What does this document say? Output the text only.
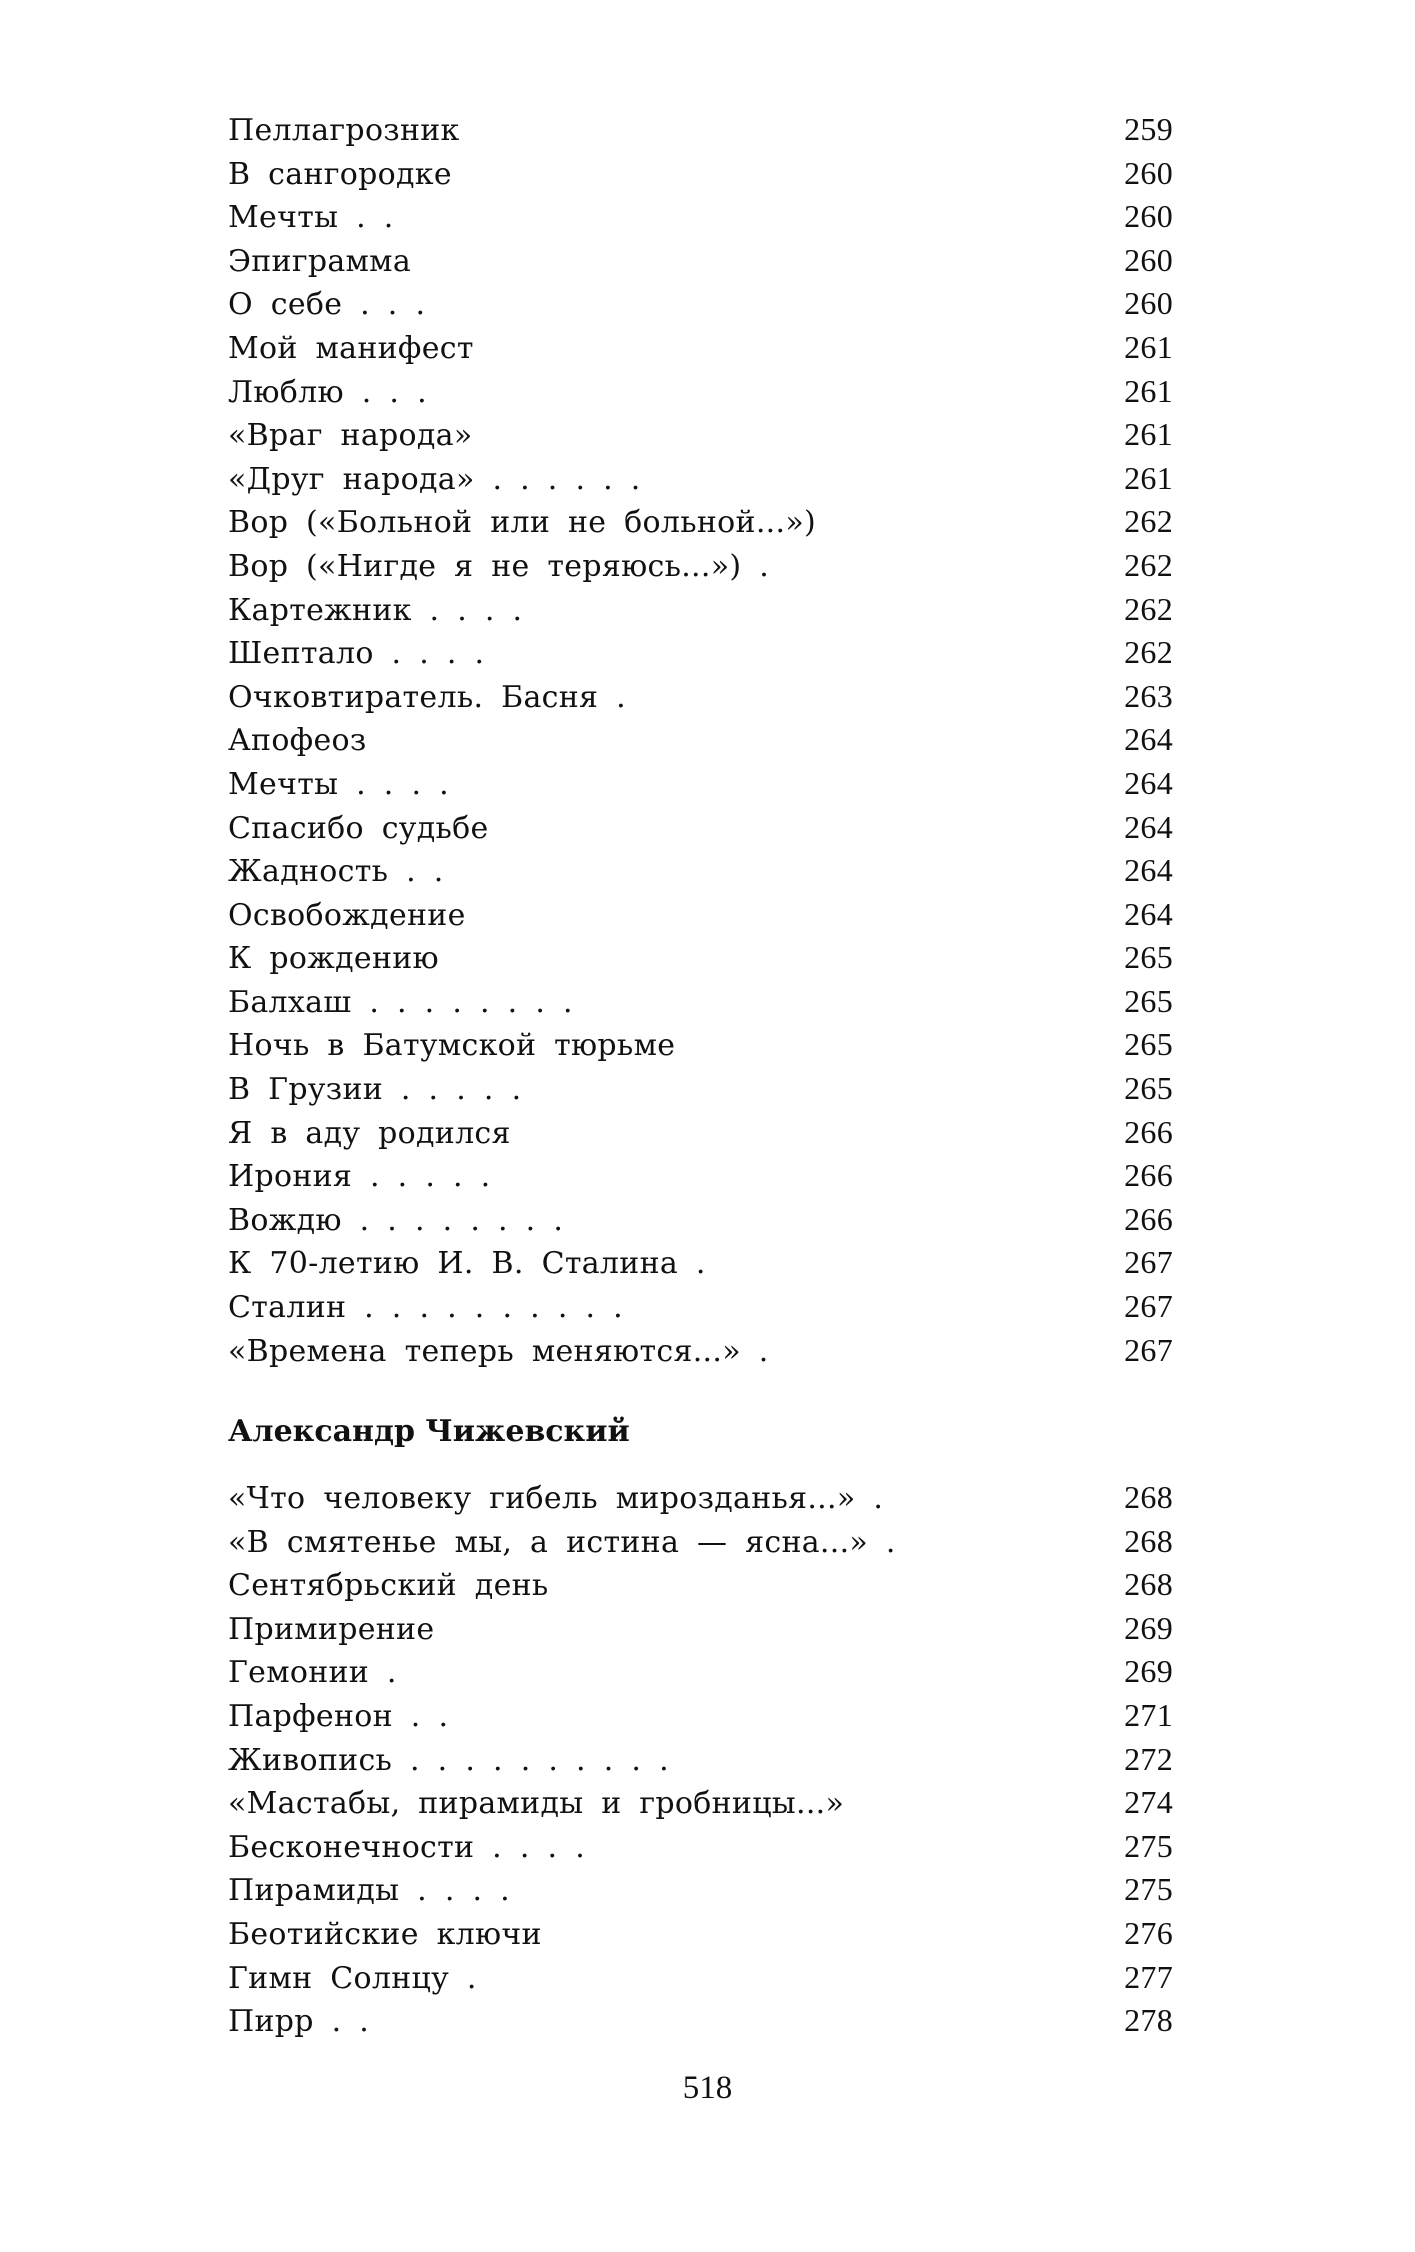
Пеллагрозник	259
В сангородке	260
Мечты . .	260
Эпиграмма	260
О себе . . .	260
Мой манифест	261
Люблю . . .	261
«Враг народа»	261
«Друг народа» . . . . . .	261
Вор («Больной или не больной...»)	262
Вор («Нигде я не теряюсь...») .	262
Картежник . . . .	262
Шептало . . . .	262
Очковтиратель. Басня .	263
Апофеоз	264
Мечты . . . .	264
Спасибо судьбе	264
Жадность . .	264
Освобождение	264
К рождению	265
Балхаш . . . . . . . .	265
Ночь в Батумской тюрьме	265
В Грузии . . . . .	265
Я в аду родился	266
Ирония . . . . .	266
Вождю . . . . . . . .	266
К 70-летию И. В. Сталина .	267
Сталин . . . . . . . . . .	267
«Времена теперь меняются...» .	267
Александр Чижевский
«Что человеку гибель мирозданья...» .	268
«В смятенье мы, а истина — ясна...» .	268
Сентябрьский день	268
Примирение	269
Гемонии .	269
Парфенон . .	271
Живопись . . . . . . . . . .	272
«Мастабы, пирамиды и гробницы...»	274
Бесконечности . . . .	275
Пирамиды . . . .	275
Беотийские ключи	276
Гимн Солнцу .	277
Пирр . .	278
518
